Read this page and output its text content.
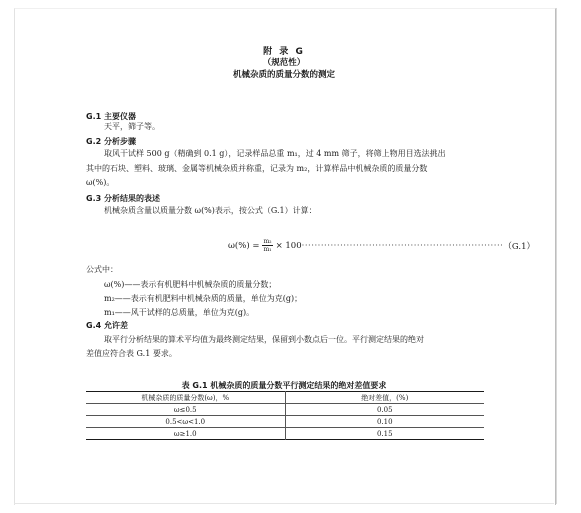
附 录 G
（规范性）
机械杂质的质量分数的测定
G.1 主要仪器
天平，筛子等。
G.2 分析步骤
取风干试样 500 g（精确到 0.1 g），记录样品总重 m₁，过 4 mm 筛子，将筛上物用目选法挑出
其中的石块、塑料、玻璃、金属等机械杂质并称重，记录为 m₂，计算样品中机械杂质的质量分数
ω(%)。
G.3 分析结果的表述
机械杂质含量以质量分数 ω(%)表示，按公式（G.1）计算：
$\omega(\%) = \frac{\text{m₂}}{\text{m₁}} \times 100$ ······························································· （G.1）
公式中：
ω(%)——表示有机肥料中机械杂质的质量分数；
m₂——表示有机肥料中机械杂质的质量，单位为克(g)；
m₁——风干试样的总质量，单位为克(g)。
G.4 允许差
取平行分析结果的算术平均值为最终测定结果，保留到小数点后一位。平行测定结果的绝对
差值应符合表 G.1 要求。
表 G.1 机械杂质的质量分数平行测定结果的绝对差值要求
机械杂质的质量分数(ω)，%	绝对差值，(%)
ω≤0.5	0.05
0.5<ω<1.0	0.10
ω≥1.0	0.15
